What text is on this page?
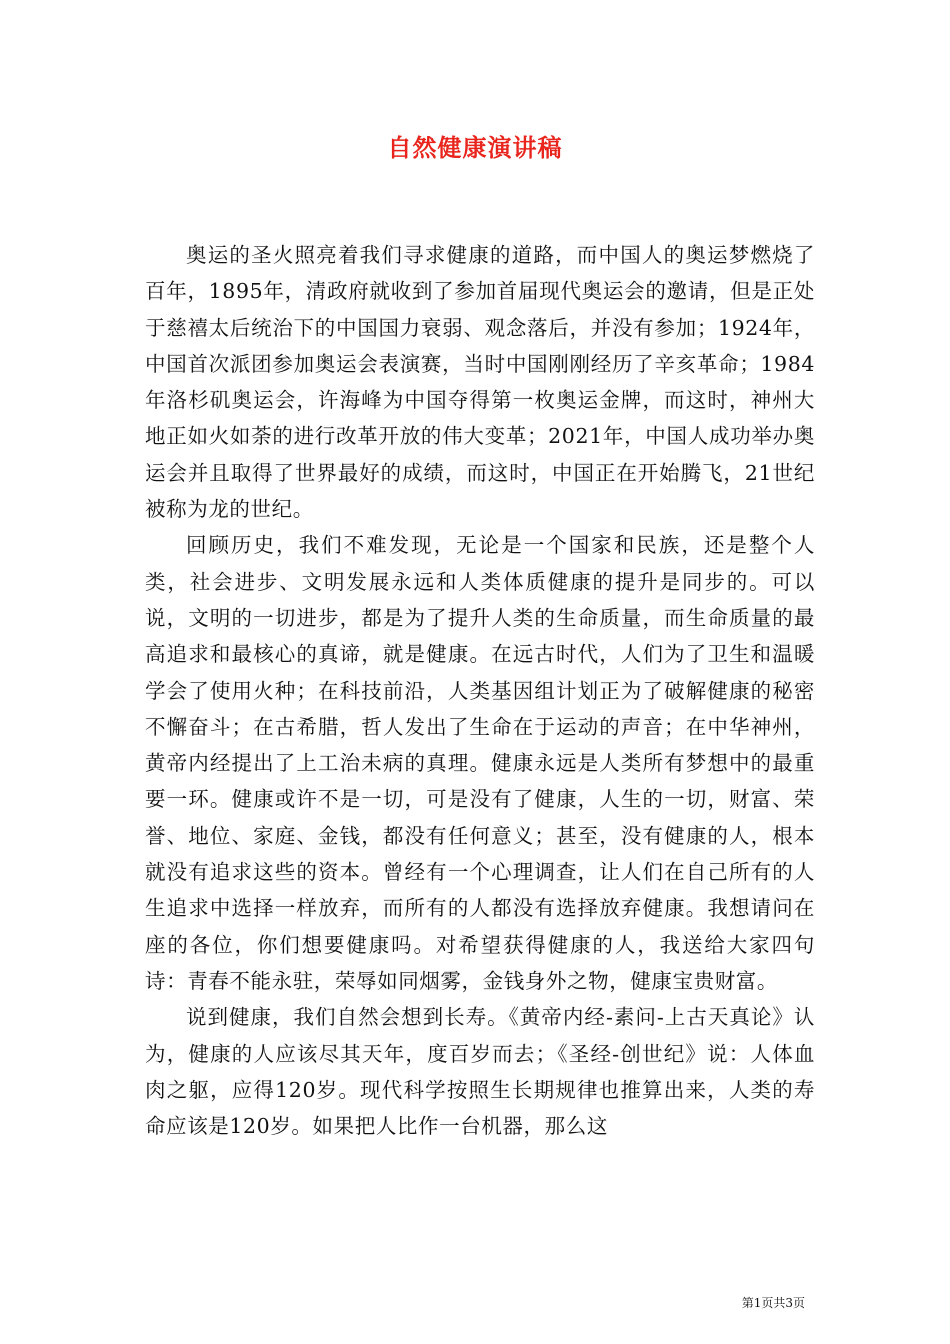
自然健康演讲稿

奥运的圣火照亮着我们寻求健康的道路，而中国人的奥运梦燃烧了百年，1895年，清政府就收到了参加首届现代奥运会的邀请，但是正处于慈禧太后统治下的中国国力衰弱、观念落后，并没有参加；1924年，中国首次派团参加奥运会表演赛，当时中国刚刚经历了辛亥革命；1984年洛杉矶奥运会，许海峰为中国夺得第一枚奥运金牌，而这时，神州大地正如火如荼的进行改革开放的伟大变革；2021年，中国人成功举办奥运会并且取得了世界最好的成绩，而这时，中国正在开始腾飞，21世纪被称为龙的世纪。

回顾历史，我们不难发现，无论是一个国家和民族，还是整个人类，社会进步、文明发展永远和人类体质健康的提升是同步的。可以说，文明的一切进步，都是为了提升人类的生命质量，而生命质量的最高追求和最核心的真谛，就是健康。在远古时代，人们为了卫生和温暖学会了使用火种；在科技前沿，人类基因组计划正为了破解健康的秘密不懈奋斗；在古希腊，哲人发出了生命在于运动的声音；在中华神州，黄帝内经提出了上工治未病的真理。健康永远是人类所有梦想中的最重要一环。健康或许不是一切，可是没有了健康，人生的一切，财富、荣誉、地位、家庭、金钱，都没有任何意义；甚至，没有健康的人，根本就没有追求这些的资本。曾经有一个心理调查，让人们在自己所有的人生追求中选择一样放弃，而所有的人都没有选择放弃健康。我想请问在座的各位，你们想要健康吗。对希望获得健康的人，我送给大家四句诗：青春不能永驻，荣辱如同烟雾，金钱身外之物，健康宝贵财富。

说到健康，我们自然会想到长寿。《黄帝内经-素问-上古天真论》认为，健康的人应该尽其天年，度百岁而去；《圣经-创世纪》说：人体血肉之躯，应得120岁。现代科学按照生长期规律也推算出来，人类的寿命应该是120岁。如果把人比作一台机器，那么这

第1页共3页
